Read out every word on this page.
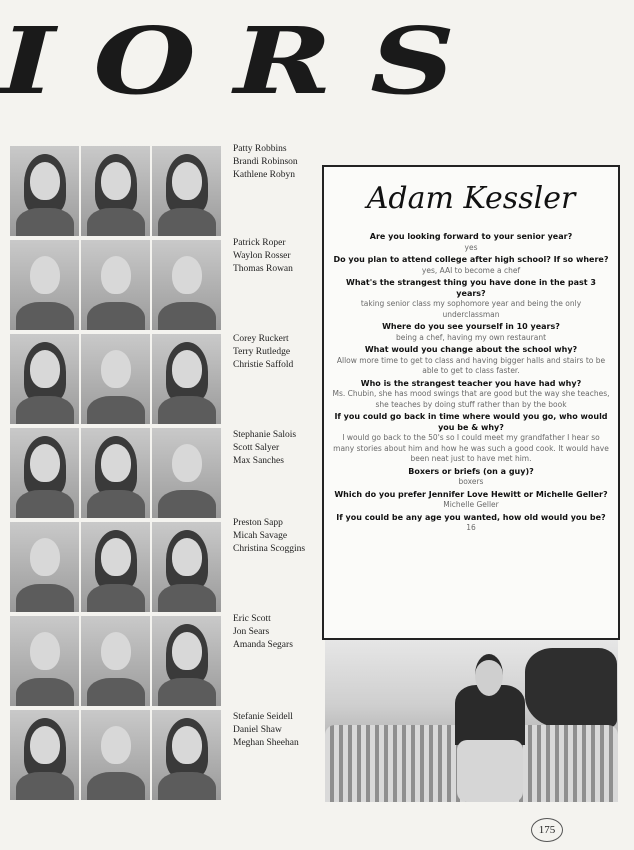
IORS
Patty Robbins
Brandi Robinson
Kathlene Robyn
Patrick Roper
Waylon Rosser
Thomas Rowan
Corey Ruckert
Terry Rutledge
Christie Saffold
Stephanie Salois
Scott Salyer
Max Sanches
Preston Sapp
Micah Savage
Christina Scoggins
Eric Scott
Jon Sears
Amanda Segars
Stefanie Seidell
Daniel Shaw
Meghan Sheehan
Adam Kessler
Are you looking forward to your senior year?
yes
Do you plan to attend college after high school? If so where?
yes, AAI to become a chef
What's the strangest thing you have done in the past 3 years?
taking senior class my sophomore year and being the only underclassman
Where do you see yourself in 10 years?
being a chef, having my own restaurant
What would you change about the school why?
Allow more time to get to class and having bigger halls and stairs to be able to get to class faster.
Who is the strangest teacher you have had why?
Ms. Chubin, she has mood swings that are good but the way she teaches, she teaches by doing stuff rather than by the book
If you could go back in time where would you go, who would you be & why?
I would go back to the 50's so I could meet my grandfather I hear so many stories about him and how he was such a good cook. It would have been neat just to have met him.
Boxers or briefs (on a guy)?
boxers
Which do you prefer Jennifer Love Hewitt or Michelle Geller?
Michelle Geller
If you could be any age you wanted, how old would you be?
16
175
